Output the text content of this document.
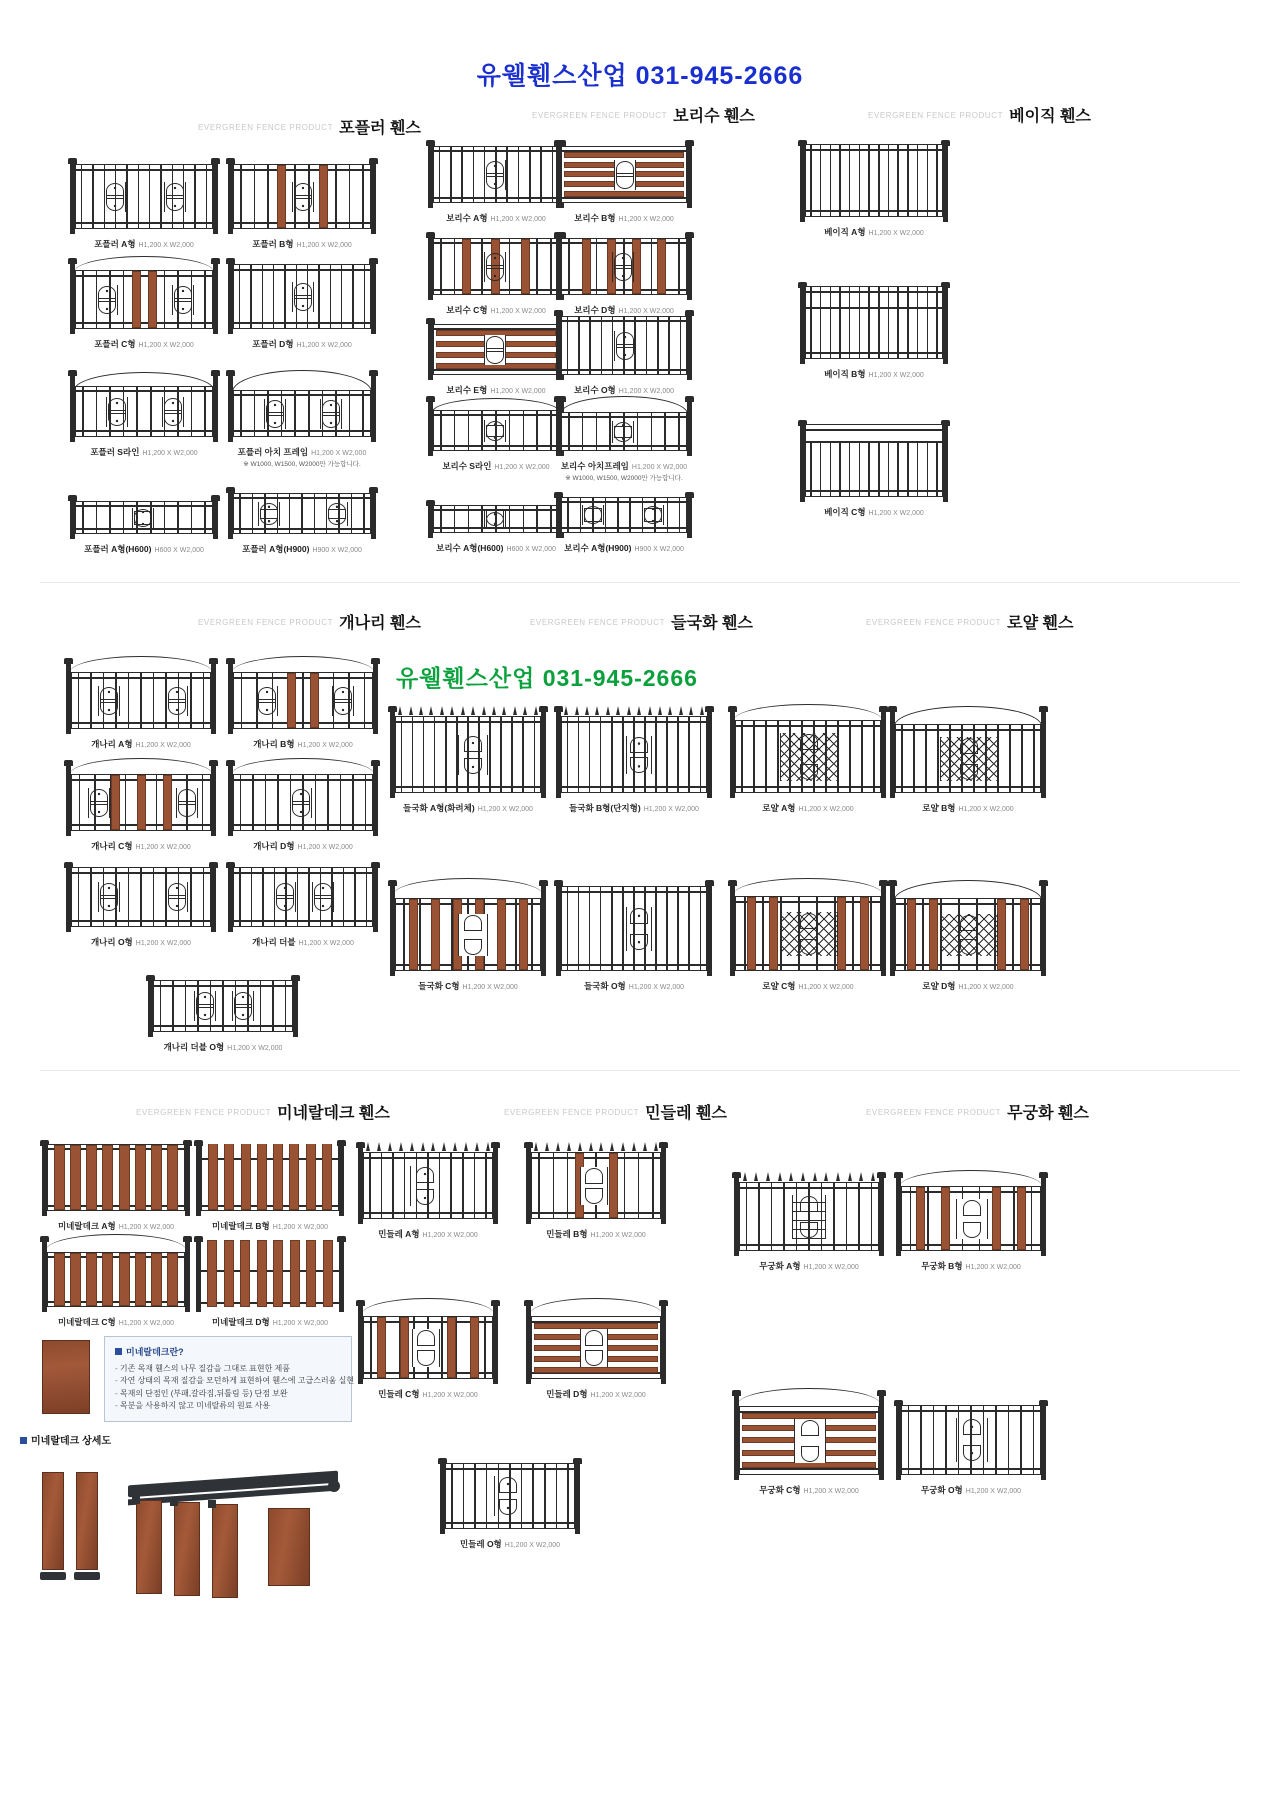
유웰휀스산업 031-945-2666
유웰휀스산업 031-945-2666
EVERGREEN FENCE PRODUCT 포플러 휀스
EVERGREEN FENCE PRODUCT 보리수 휀스	EVERGREEN FENCE PRODUCT 베이직 휀스
EVERGREEN FENCE PRODUCT 개나리 휀스	EVERGREEN FENCE PRODUCT 들국화 휀스	EVERGREEN FENCE PRODUCT 로얄 휀스
EVERGREEN FENCE PRODUCT 미네랄데크 휀스	EVERGREEN FENCE PRODUCT 민들레 휀스	EVERGREEN FENCE PRODUCT 무궁화 휀스
포플러 A형 H1,200 X W2,000	포플러 B형 H1,200 X W2,000
포플러 C형 H1,200 X W2,000	포플러 D형 H1,200 X W2,000
포플러 S라인 H1,200 X W2,000	포플러 아치 프레임 H1,200 X W2,000
※ W1000, W1500, W2000만 가능합니다.
포플러 A형(H600) H600 X W2,000	포플러 A형(H900) H900 X W2,000
보리수 A형 H1,200 X W2,000	보리수 B형 H1,200 X W2,000
보리수 C형 H1,200 X W2,000	보리수 D형 H1,200 X W2,000
보리수 E형 H1,200 X W2,000	보리수 O형 H1,200 X W2,000
보리수 S라인 H1,200 X W2,000	보리수 아치프레임 H1,200 X W2,000
※ W1000, W1500, W2000만 가능합니다.
보리수 A형(H600) H600 X W2,000 보리수 A형(H900) H900 X W2,000
베이직 A형 H1,200 X W2,000
베이직 B형 H1,200 X W2,000
베이직 C형 H1,200 X W2,000
개나리 A형 H1,200 X W2,000	개나리 B형 H1,200 X W2,000
개나리 C형 H1,200 X W2,000	개나리 D형 H1,200 X W2,000
개나리 O형 H1,200 X W2,000	개나리 더블 H1,200 X W2,000
개나리 더블 O형 H1,200 X W2,000
들국화 A형(화려체) H1,200 X W2,000	들국화 B형(단지형) H1,200 X W2,000
들국화 C형 H1,200 X W2,000	들국화 O형 H1,200 X W2,000
로얄 A형 H1,200 X W2,000	로얄 B형 H1,200 X W2,000
로얄 C형 H1,200 X W2,000	로얄 D형 H1,200 X W2,000
미네랄데크 A형 H1,200 X W2,000	미네랄데크 B형 H1,200 X W2,000
미네랄데크 C형 H1,200 X W2,000	미네랄데크 D형 H1,200 X W2,000
미네랄데크란?
- 기존 목재 휀스의 나무 질감을 그대로 표현한 제품
- 자연 상태의 목재 질감을 모던하게 표현하여 휀스에 고급스러움 실현
- 목재의 단점인 (부패,갈라짐,뒤틀림 등) 단점 보완
- 목분을 사용하지 않고 미네랄류의 원료 사용
미네랄데크 상세도
민들레 A형 H1,200 X W2,000	민들레 B형 H1,200 X W2,000
민들레 C형 H1,200 X W2,000	민들레 D형 H1,200 X W2,000
민들레 O형 H1,200 X W2,000
무궁화 A형 H1,200 X W2,000	무궁화 B형 H1,200 X W2,000
무궁화 C형 H1,200 X W2,000	무궁화 O형 H1,200 X W2,000
